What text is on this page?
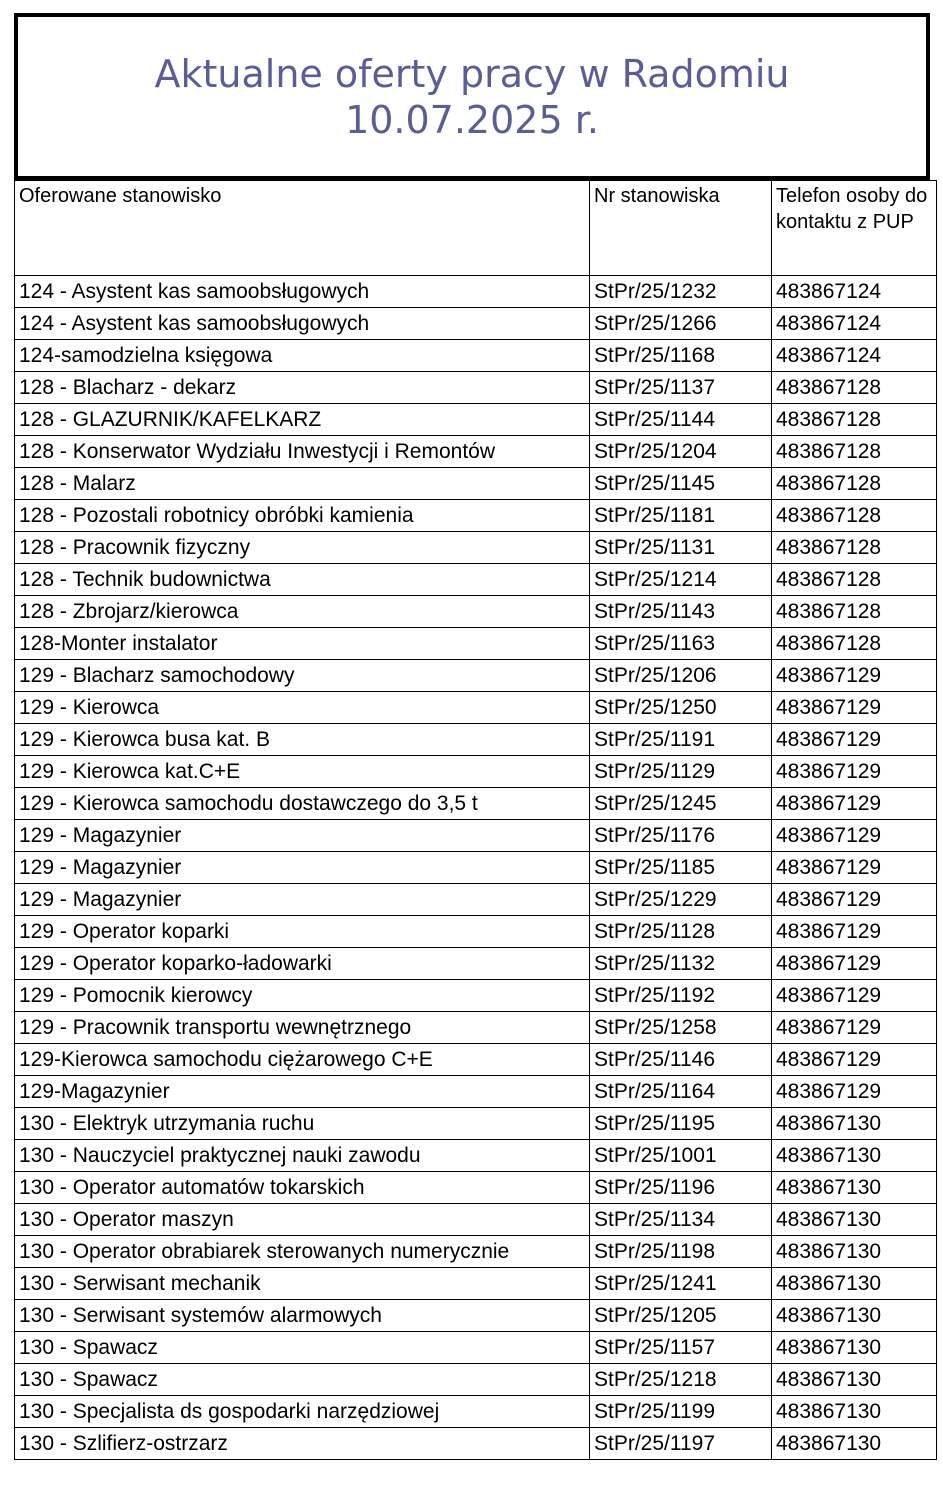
Aktualne oferty pracy w Radomiu
10.07.2025 r.
Oferowane stanowisko	Nr stanowiska	Telefon osoby do kontaktu z PUP
124 - Asystent kas samoobsługowych	StPr/25/1232	483867124
124 - Asystent kas samoobsługowych	StPr/25/1266	483867124
124-samodzielna księgowa	StPr/25/1168	483867124
128 - Blacharz - dekarz	StPr/25/1137	483867128
128 - GLAZURNIK/KAFELKARZ	StPr/25/1144	483867128
128 - Konserwator Wydziału Inwestycji i Remontów	StPr/25/1204	483867128
128 - Malarz	StPr/25/1145	483867128
128 - Pozostali robotnicy obróbki kamienia	StPr/25/1181	483867128
128 - Pracownik fizyczny	StPr/25/1131	483867128
128 - Technik budownictwa	StPr/25/1214	483867128
128 - Zbrojarz/kierowca	StPr/25/1143	483867128
128-Monter instalator	StPr/25/1163	483867128
129 - Blacharz samochodowy	StPr/25/1206	483867129
129 - Kierowca	StPr/25/1250	483867129
129 - Kierowca busa kat. B	StPr/25/1191	483867129
129 - Kierowca kat.C+E	StPr/25/1129	483867129
129 - Kierowca samochodu dostawczego do 3,5 t	StPr/25/1245	483867129
129 - Magazynier	StPr/25/1176	483867129
129 - Magazynier	StPr/25/1185	483867129
129 - Magazynier	StPr/25/1229	483867129
129 - Operator koparki	StPr/25/1128	483867129
129 - Operator koparko-ładowarki	StPr/25/1132	483867129
129 - Pomocnik kierowcy	StPr/25/1192	483867129
129 - Pracownik transportu wewnętrznego	StPr/25/1258	483867129
129-Kierowca samochodu ciężarowego C+E	StPr/25/1146	483867129
129-Magazynier	StPr/25/1164	483867129
130 - Elektryk utrzymania ruchu	StPr/25/1195	483867130
130 - Nauczyciel praktycznej nauki zawodu	StPr/25/1001	483867130
130 - Operator automatów tokarskich	StPr/25/1196	483867130
130 - Operator maszyn	StPr/25/1134	483867130
130 - Operator obrabiarek sterowanych numerycznie	StPr/25/1198	483867130
130 - Serwisant mechanik	StPr/25/1241	483867130
130 - Serwisant systemów alarmowych	StPr/25/1205	483867130
130 - Spawacz	StPr/25/1157	483867130
130 - Spawacz	StPr/25/1218	483867130
130 - Specjalista ds gospodarki narzędziowej	StPr/25/1199	483867130
130 - Szlifierz-ostrzarz	StPr/25/1197	483867130
